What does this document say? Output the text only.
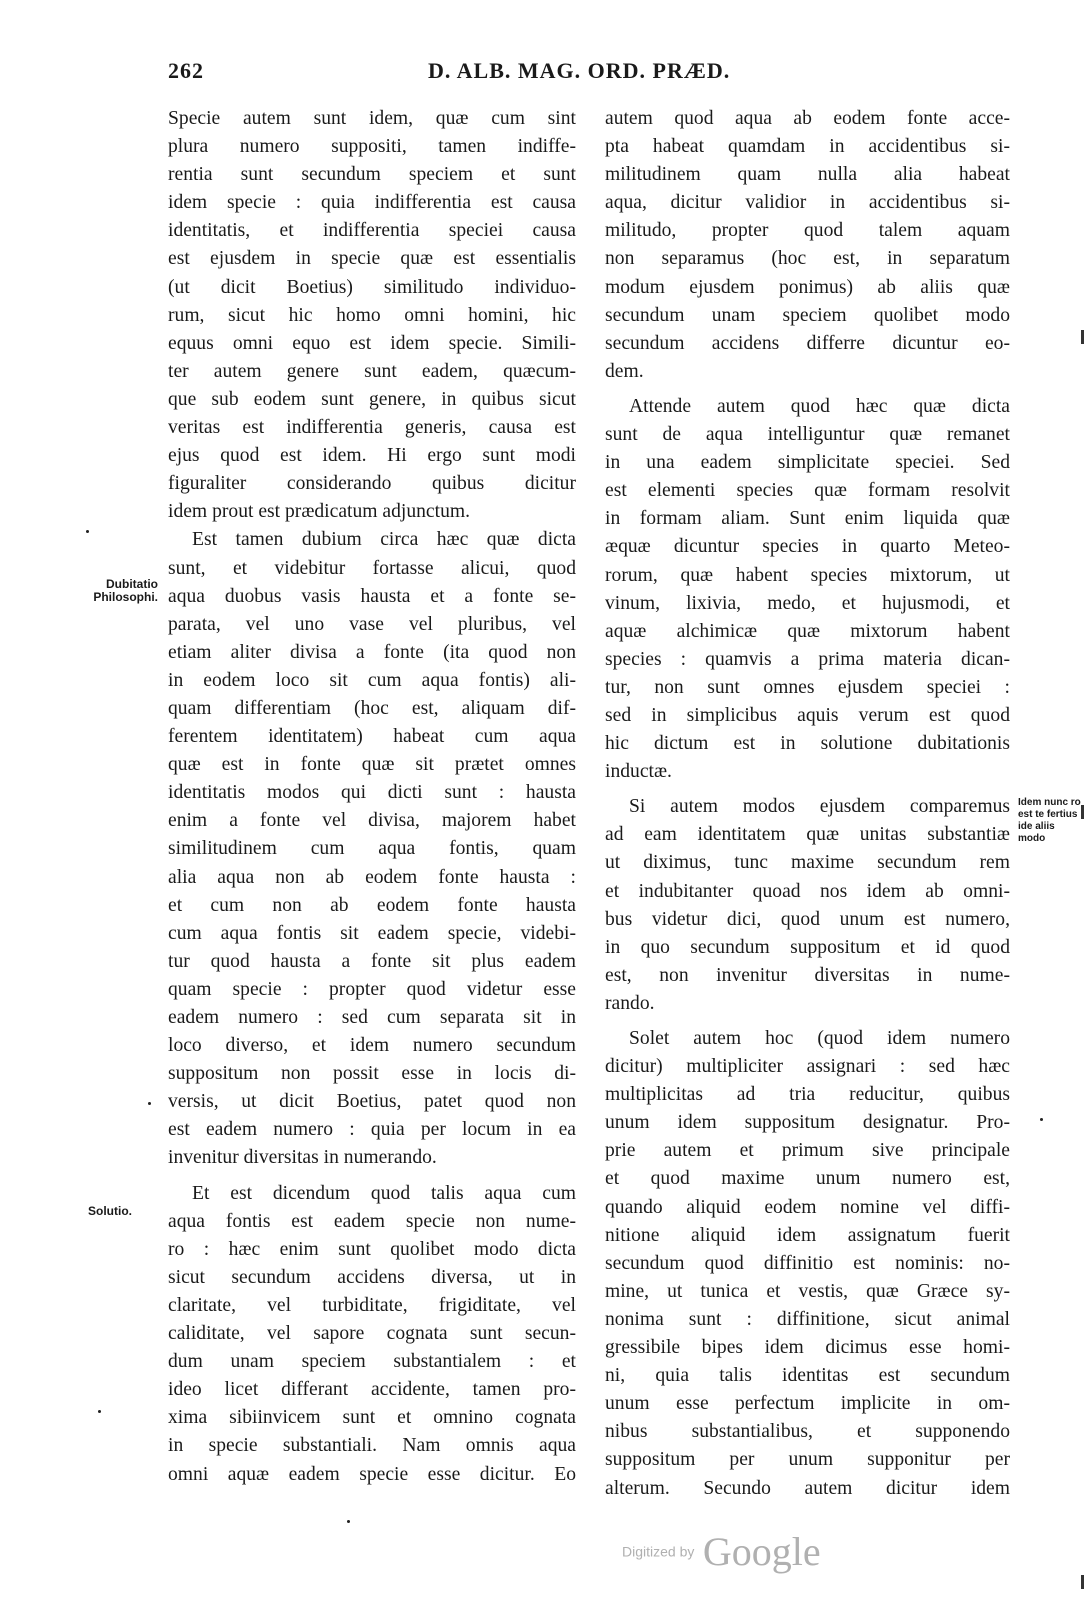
262	D. ALB. MAG. ORD. PRÆD.
Specie autem sunt idem, quæ cum sint
plura numero suppositi, tamen indiffe-
rentia sunt secundum speciem et sunt
idem specie : quia indifferentia est causa
identitatis, et indifferentia speciei causa
est ejusdem in specie quæ est essentialis
(ut dicit Boetius) similitudo individuo-
rum, sicut hic homo omni homini, hic
equus omni equo est idem specie. Simili-
ter autem genere sunt eadem, quæcum-
que sub eodem sunt genere, in quibus sicut
veritas est indifferentia generis, causa est
ejus quod est idem. Hi ergo sunt modi
figuraliter considerando quibus dicitur
idem prout est prædicatum adjunctum.
Est tamen dubium circa hæc quæ dicta
sunt, et videbitur fortasse alicui, quod
aqua duobus vasis hausta et a fonte se-
parata, vel uno vase vel pluribus, vel
etiam aliter divisa a fonte (ita quod non
in eodem loco sit cum aqua fontis) ali-
quam differentiam (hoc est, aliquam dif-
ferentem identitatem) habeat cum aqua
quæ est in fonte quæ sit prætet omnes
identitatis modos qui dicti sunt : hausta
enim a fonte vel divisa, majorem habet
similitudinem cum aqua fontis, quam
alia aqua non ab eodem fonte hausta :
et cum non ab eodem fonte hausta
cum aqua fontis sit eadem specie, videbi-
tur quod hausta a fonte sit plus eadem
quam specie : propter quod videtur esse
eadem numero : sed cum separata sit in
loco diverso, et idem numero secundum
suppositum non possit esse in locis di-
versis, ut dicit Boetius, patet quod non
est eadem numero : quia per locum in ea
invenitur diversitas in numerando.
Et est dicendum quod talis aqua cum
aqua fontis est eadem specie non nume-
ro : hæc enim sunt quolibet modo dicta
sicut secundum accidens diversa, ut in
claritate, vel turbiditate, frigiditate, vel
caliditate, vel sapore cognata sunt secun-
dum unam speciem substantialem : et
ideo licet differant accidente, tamen pro-
xima sibiinvicem sunt et omnino cognata
in specie substantiali. Nam omnis aqua
omni aquæ eadem specie esse dicitur. Eo
autem quod aqua ab eodem fonte acce-
pta habeat quamdam in accidentibus si-
militudinem quam nulla alia habeat
aqua, dicitur validior in accidentibus si-
militudo, propter quod talem aquam
non separamus (hoc est, in separatum
modum ejusdem ponimus) ab aliis quæ
secundum unam speciem quolibet modo
secundum accidens differre dicuntur eo-
dem.
Attende autem quod hæc quæ dicta
sunt de aqua intelliguntur quæ remanet
in una eadem simplicitate speciei. Sed
est elementi species quæ formam resolvit
in formam aliam. Sunt enim liquida quæ
æquæ dicuntur species in quarto Meteo-
rorum, quæ habent species mixtorum, ut
vinum, lixivia, medo, et hujusmodi, et
aquæ alchimicæ quæ mixtorum habent
species : quamvis a prima materia dican-
tur, non sunt omnes ejusdem speciei :
sed in simplicibus aquis verum est quod
hic dictum est in solutione dubitationis
inductæ.
Si autem modos ejusdem comparemus
ad eam identitatem quæ unitas substantiæ
ut diximus, tunc maxime secundum rem
et indubitanter quoad nos idem ab omni-
bus videtur dici, quod unum est numero,
in quo secundum suppositum et id quod
est, non invenitur diversitas in nume-
rando.
Solet autem hoc (quod idem numero
dicitur) multipliciter assignari : sed hæc
multiplicitas ad tria reducitur, quibus
unum idem suppositum designatur. Pro-
prie autem et primum sive principale
et quod maxime unum numero est,
quando aliquid eodem nomine vel diffi-
nitione aliquid idem assignatum fuerit
secundum quod diffinitio est nominis: no-
mine, ut tunica et vestis, quæ Græce sy-
nonima sunt : diffinitione, sicut animal
gressibile bipes idem dicimus esse homi-
ni, quia talis identitas est secundum
unum esse perfectum implicite in om-
nibus substantialibus, et supponendo
suppositum per unum supponitur per
alterum. Secundo autem dicitur idem
Dubitatio Philosophi.
Solutio.
Idem nunc ro est te fertius ide aliis modo
Digitized by Google
